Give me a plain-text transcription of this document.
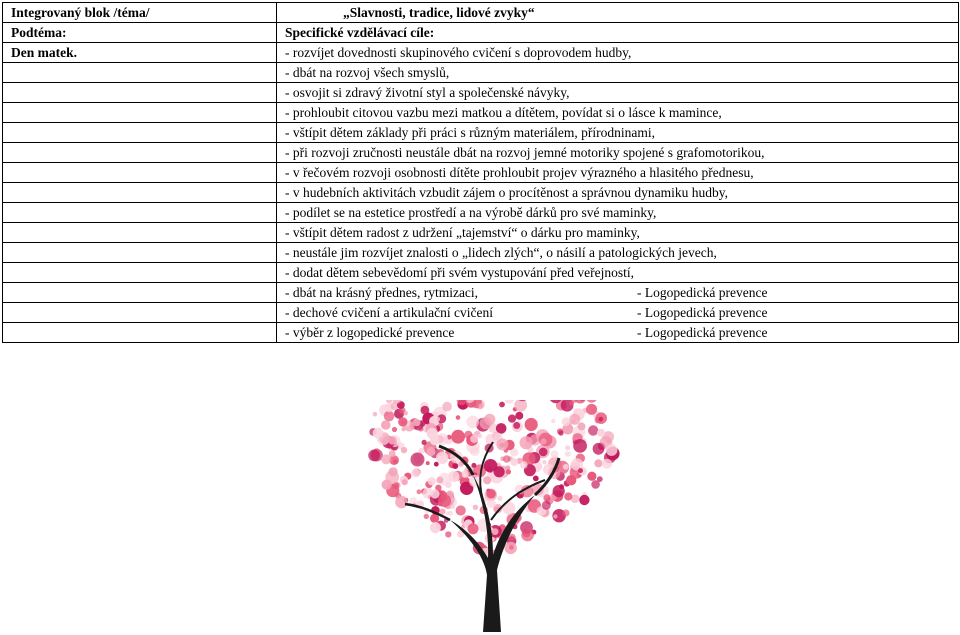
Integrovaný blok /téma/	„Slavnosti, tradice, lidové zvyky“
Podtéma:	Specifické vzdělávací cíle:
Den matek.	- rozvíjet dovednosti skupinového cvičení s doprovodem hudby,
	- dbát na rozvoj všech smyslů,
	- osvojit si zdravý životní styl a společenské návyky,
	- prohloubit citovou vazbu mezi matkou a dítětem, povídat si o lásce k mamince,
	- vštípit dětem základy při práci s různým materiálem, přírodninami,
	- při rozvoji zručnosti neustále dbát na rozvoj jemné motoriky spojené s grafomotorikou,
	- v řečovém rozvoji osobnosti dítěte prohloubit projev výrazného a hlasitého přednesu,
	- v hudebních aktivitách vzbudit zájem o procítěnost a správnou dynamiku hudby,
	- podílet se na estetice prostředí a na výrobě dárků pro své maminky,
	- vštípit dětem radost z udržení „tajemství“ o dárku pro maminky,
	- neustále jim rozvíjet znalosti o „lidech zlých“, o násilí a patologických jevech,
	- dodat dětem sebevědomí při svém vystupování před veřejností,

	- dbát na krásný přednes, rytmizaci, - Logopedická prevence

	- dechové cvičení a artikulační cvičení - Logopedická prevence

	- výběr z logopedické prevence - Logopedická prevence
